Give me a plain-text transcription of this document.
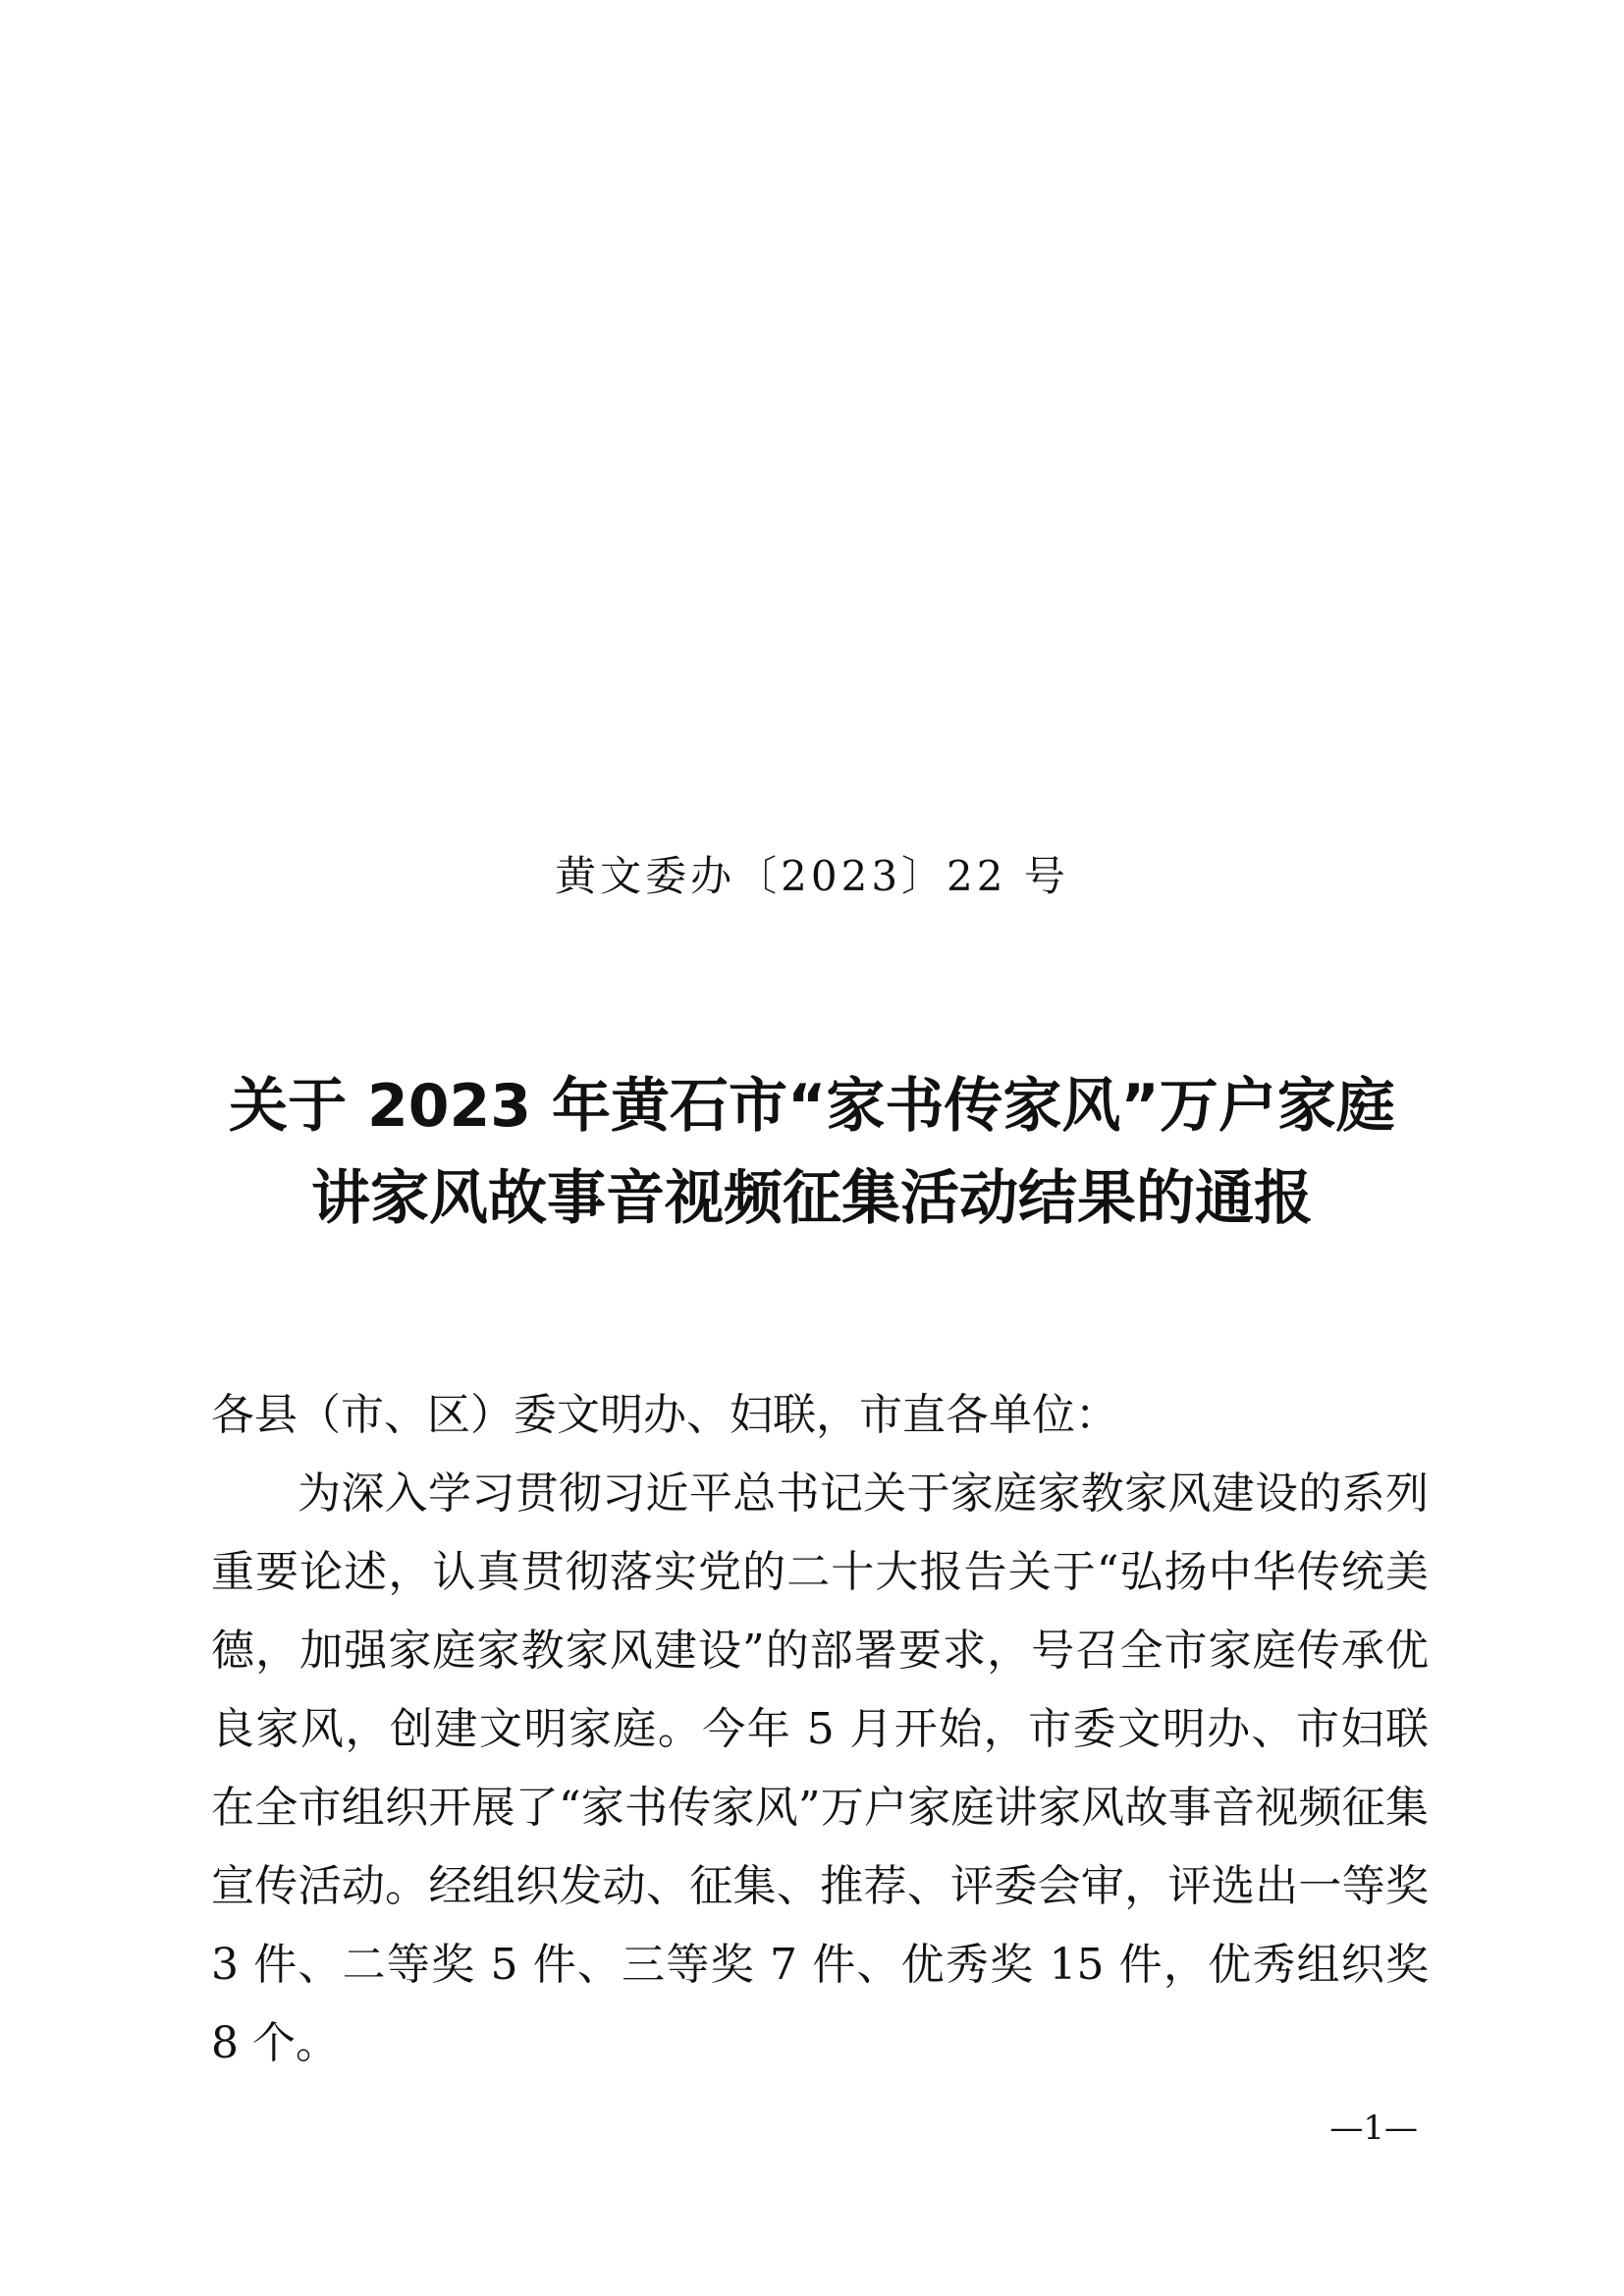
黄文委办〔2023〕22 号
关于 2023 年黄石市“家书传家风”万户家庭
讲家风故事音视频征集活动结果的通报

各县（市、区）委文明办、妇联，市直各单位：

为深入学习贯彻习近平总书记关于家庭家教家风建设的系列重要论述，认真贯彻落实党的二十大报告关于“弘扬中华传统美德，加强家庭家教家风建设”的部署要求，号召全市家庭传承优良家风，创建文明家庭。今年 5 月开始，市委文明办、市妇联在全市组织开展了“家书传家风”万户家庭讲家风故事音视频征集宣传活动。经组织发动、征集、推荐、评委会审，评选出一等奖 3 件、二等奖 5 件、三等奖 7 件、优秀奖 15 件，优秀组织奖 8 个。

—1—
